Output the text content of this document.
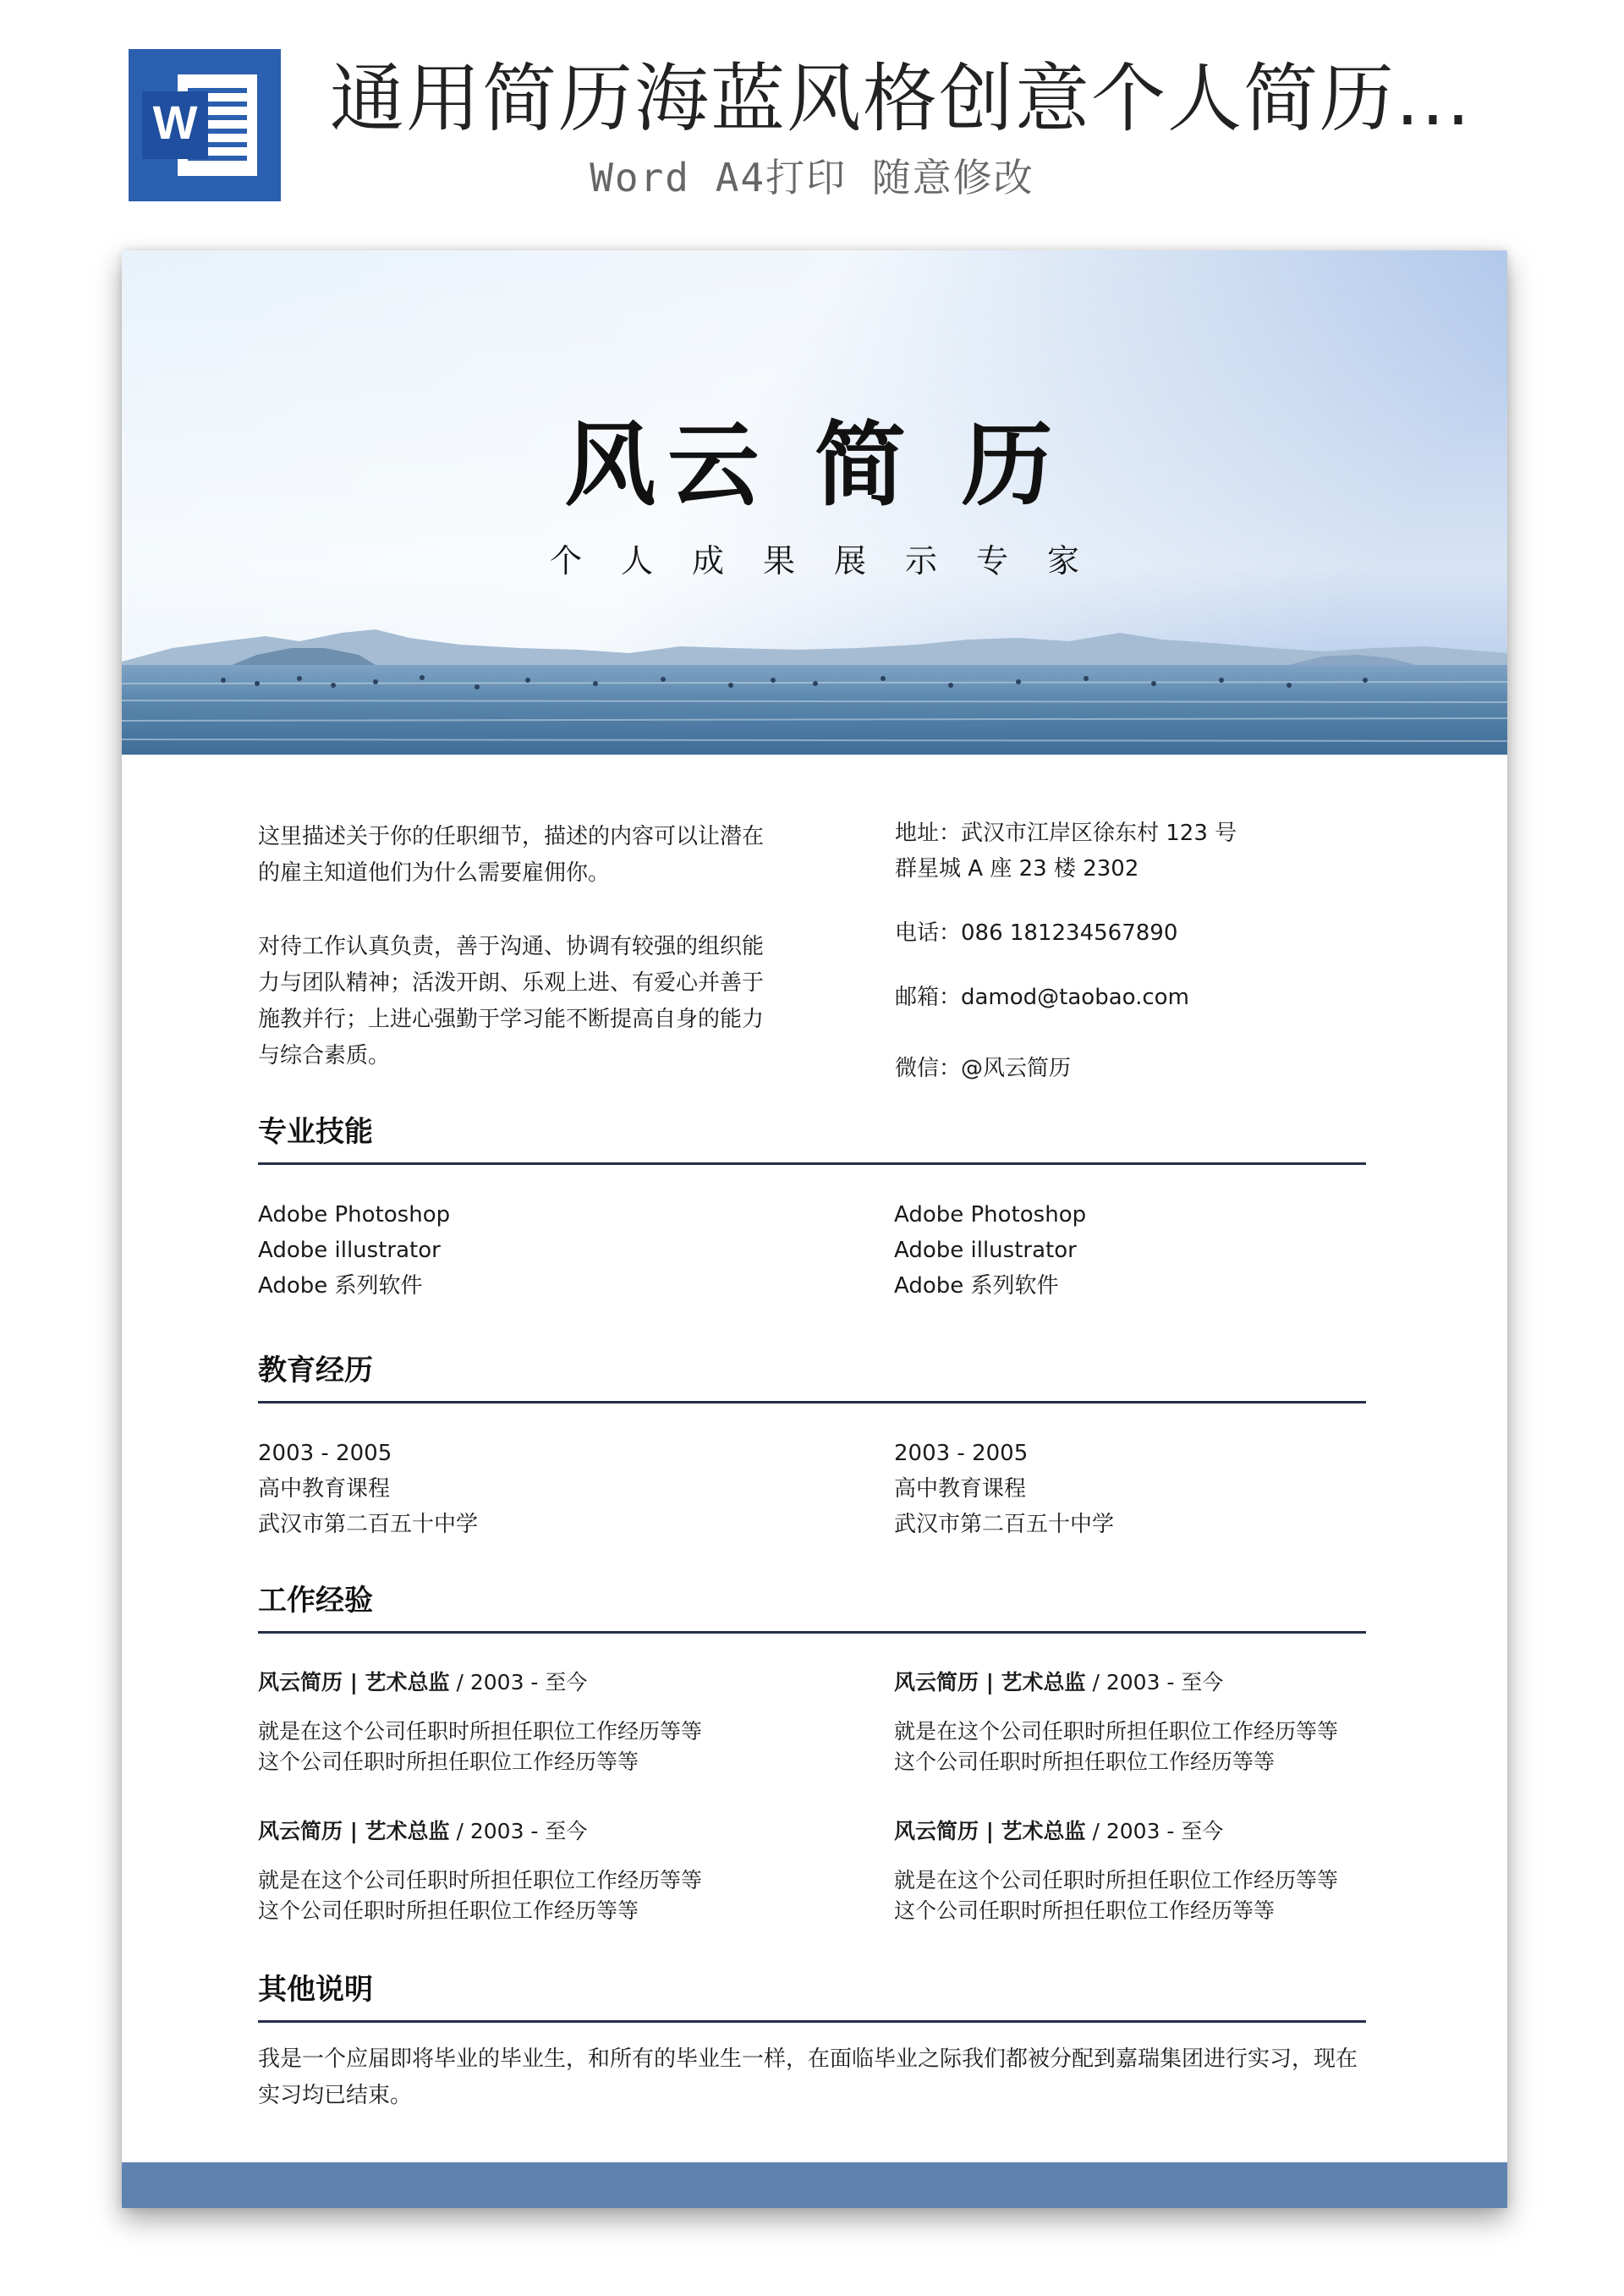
W 通用简历海蓝风格创意个人简历...
Word A4打印 随意修改
风云 简 历
个人成果展示专家
这里描述关于你的任职细节，描述的内容可以让潜在的雇主知道他们为什么需要雇佣你。
对待工作认真负责，善于沟通、协调有较强的组织能力与团队精神；活泼开朗、乐观上进、有爱心并善于施教并行；上进心强勤于学习能不断提高自身的能力与综合素质。
地址：武汉市江岸区徐东村 123 号
群星城 A 座 23 楼 2302
电话：086 181234567890
邮箱：damod@taobao.com
微信：@风云简历
专业技能
Adobe Photoshop
Adobe illustrator
Adobe 系列软件
Adobe Photoshop
Adobe illustrator
Adobe 系列软件
教育经历
2003 - 2005
高中教育课程
武汉市第二百五十中学
2003 - 2005
高中教育课程
武汉市第二百五十中学
工作经验
风云简历 | 艺术总监 / 2003 - 至今
就是在这个公司任职时所担任职位工作经历等等
这个公司任职时所担任职位工作经历等等
风云简历 | 艺术总监 / 2003 - 至今
就是在这个公司任职时所担任职位工作经历等等
这个公司任职时所担任职位工作经历等等
风云简历 | 艺术总监 / 2003 - 至今
就是在这个公司任职时所担任职位工作经历等等
这个公司任职时所担任职位工作经历等等
风云简历 | 艺术总监 / 2003 - 至今
就是在这个公司任职时所担任职位工作经历等等
这个公司任职时所担任职位工作经历等等
其他说明
我是一个应届即将毕业的毕业生，和所有的毕业生一样，在面临毕业之际我们都被分配到嘉瑞集团进行实习，现在实习均已结束。
